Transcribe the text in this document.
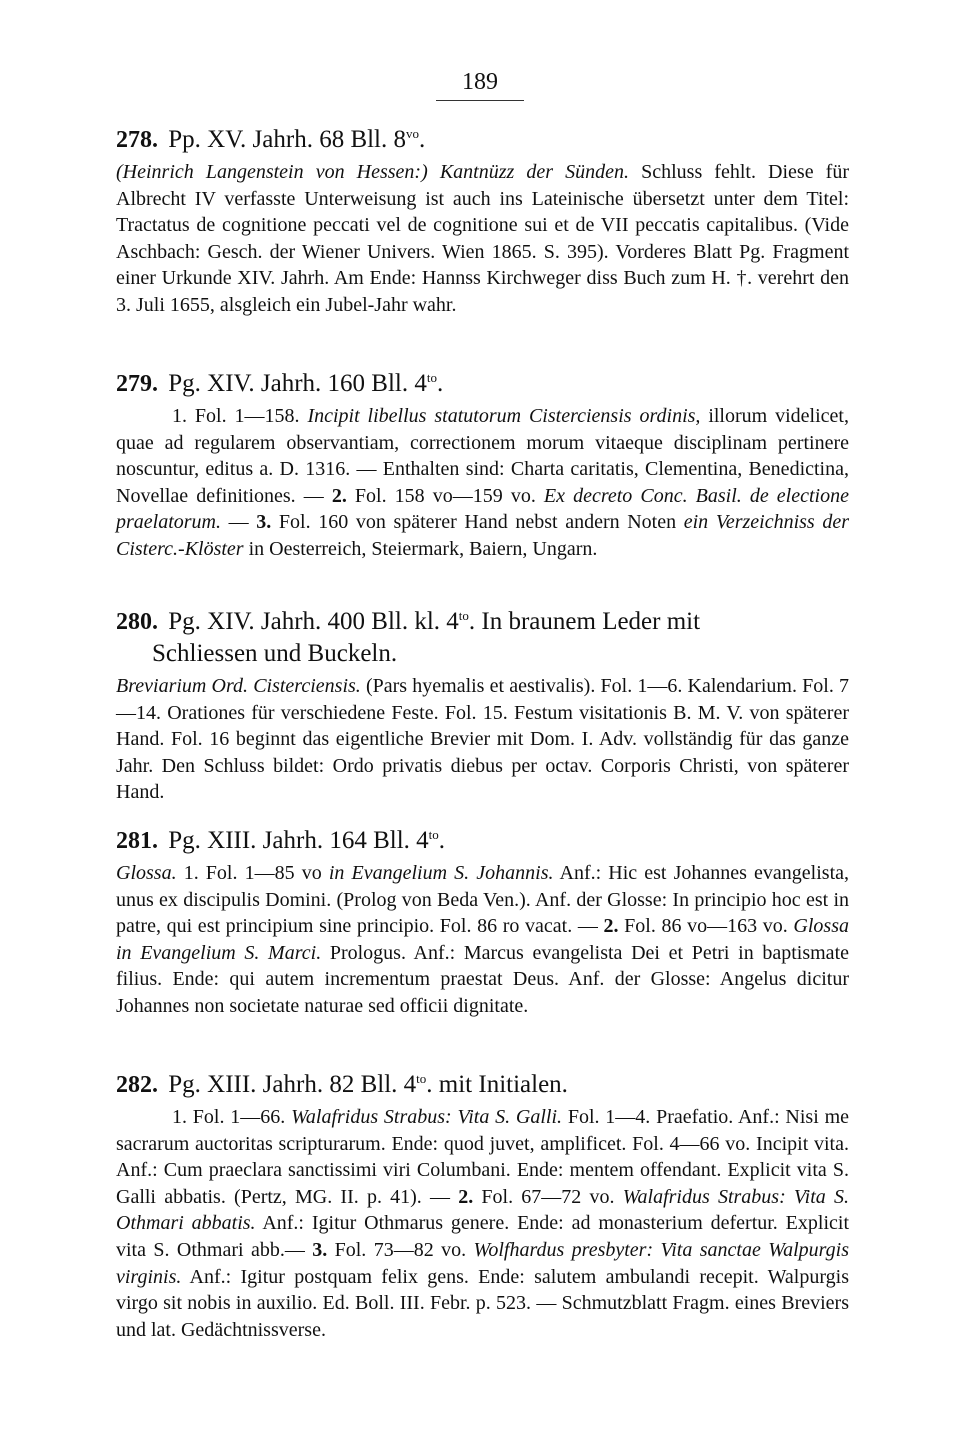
189
278. Pp. XV. Jahrh. 68 Bll. $8^{vo}$.

(Heinrich Langenstein von Hessen:) Kantnüzz der Sünden. Schluss fehlt. Diese für Albrecht IV verfasste Unterweisung ist auch ins Lateinische übersetzt unter dem Titel: Tractatus de cognitione peccati vel de cognitione sui et de VII peccatis capitalibus. (Vide Aschbach: Gesch. der Wiener Univers. Wien 1865. S. 395). Vorderes Blatt Pg. Fragment einer Urkunde XIV. Jahrh. Am Ende: Hannss Kirchweger diss Buch zum H. †. verehrt den 3. Juli 1655, alsgleich ein Jubel-Jahr wahr.

279. Pg. XIV. Jahrh. 160 Bll. $4^{to}$.

1. Fol. 1—158. Incipit libellus statutorum Cisterciensis ordinis, illorum videlicet, quae ad regularem observantiam, correctionem morum vitaeque disciplinam pertinere noscuntur, editus a. D. 1316. — Enthalten sind: Charta caritatis, Clementina, Benedictina, Novellae definitiones. — 2. Fol. 158 vo—159 vo. Ex decreto Conc. Basil. de electione praelatorum. — 3. Fol. 160 von späterer Hand nebst andern Noten ein Verzeichniss der Cisterc.-Klöster in Oesterreich, Steiermark, Baiern, Ungarn.

280. Pg. XIV. Jahrh. 400 Bll. kl. $4^{to}$. In braunem Leder mit
Schliessen und Buckeln.

Breviarium Ord. Cisterciensis. (Pars hyemalis et aestivalis). Fol. 1—6. Kalendarium. Fol. 7—14. Orationes für verschiedene Feste. Fol. 15. Festum visitationis B. M. V. von späterer Hand. Fol. 16 beginnt das eigentliche Brevier mit Dom. I. Adv. vollständig für das ganze Jahr. Den Schluss bildet: Ordo privatis diebus per octav. Corporis Christi, von späterer Hand.

281. Pg. XIII. Jahrh. 164 Bll. $4^{to}$.

Glossa. 1. Fol. 1—85 vo in Evangelium S. Johannis. Anf.: Hic est Johannes evangelista, unus ex discipulis Domini. (Prolog von Beda Ven.). Anf. der Glosse: In principio hoc est in patre, qui est principium sine principio. Fol. 86 ro vacat. — 2. Fol. 86 vo—163 vo. Glossa in Evangelium S. Marci. Prologus. Anf.: Marcus evangelista Dei et Petri in baptismate filius. Ende: qui autem incrementum praestat Deus. Anf. der Glosse: Angelus dicitur Johannes non societate naturae sed officii dignitate.

282. Pg. XIII. Jahrh. 82 Bll. $4^{to}$. mit Initialen.

1. Fol. 1—66. Walafridus Strabus: Vita S. Galli. Fol. 1—4. Praefatio. Anf.: Nisi me sacrarum auctoritas scripturarum. Ende: quod juvet, amplificet. Fol. 4—66 vo. Incipit vita. Anf.: Cum praeclara sanctissimi viri Columbani. Ende: mentem offendant. Explicit vita S. Galli abbatis. (Pertz, MG. II. p. 41). — 2. Fol. 67—72 vo. Walafridus Strabus: Vita S. Othmari abbatis. Anf.: Igitur Othmarus genere. Ende: ad monasterium defertur. Explicit vita S. Othmari abb.— 3. Fol. 73—82 vo. Wolfhardus presbyter: Vita sanctae Walpurgis virginis. Anf.: Igitur postquam felix gens. Ende: salutem ambulandi recepit. Walpurgis virgo sit nobis in auxilio. Ed. Boll. III. Febr. p. 523. — Schmutzblatt Fragm. eines Breviers und lat. Gedächtnissverse.
